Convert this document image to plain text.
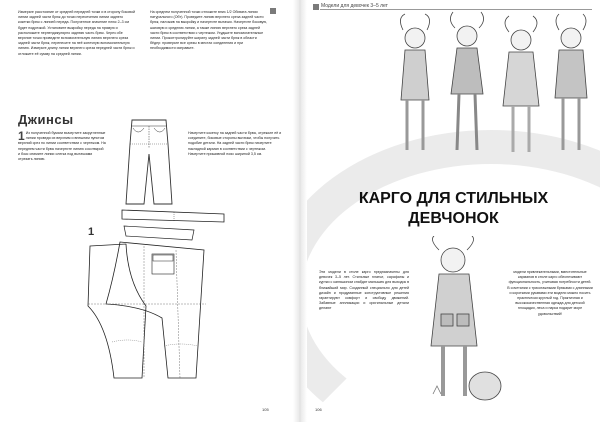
Измерьте расстояние от средней передней точки и в сторону боковой линии задней части брюк до точки пересечения линии заднего кокетки брюк с линией переда. Полученное значение плюс 2–3 см будет подрезкой. Установите выкройку переда на прямую и расположите перпендикулярно заднюю часть брюк. Через обе верхние точки проведите вспомогательную линию верхнего среза задней части брюк, перенесите на неё конечную вспомогательную линию. Измерьте длину линии верхнего среза передней части брюк и отложите её сумму на средней линии.

На среднем полученной точки отложите вниз 1/2 Обхвата линии натурального (Обт). Проведите линию верхнего среза задней части брюк, наложив на выкройку и начертите вытачки. Начертите боковую, шаговую и среднюю линии, а также линию верхнего среза задней части брюк в соответствии с чертежом. Ухудшите вспомогательные линии. Проконтролируйте ширину задней части брюк в области бёдер: проверьте все срезы в местах соединения и при необходимости исправьте.

Джинсы

1 Из полученной бумаги вычертите закругленные линии проведя их верхним и внешним пунктом верхний срез по линии соответствии с чертежом. На переднем части брюк начертите линию сосотвкрой и бокс снимите линии слегка под вытачками отрезать линию.

Начертите кокетку на задней части брюк, отрежьте её и соедините, боковые стороны вытачки, чтобы получить подобие детали. На задней части брюк начертите накладной карман в соответствии с чертежом. Начертите пришивной пояс шириной 3,5 см.

1
105
Модели для девочек 3–5 лет

КАРГО ДЛЯ СТИЛЬНЫХ

ДЕВЧОНОК

Эти модели в стиле карго предназначены для девочек 3–5 лет. Стильные платье, сарафаны и куртки с капюшоном снабдят малышек для выходок в ближайший мир. Созданный специально для детей дизайн и продуманные конструктивные решения гарантируют комфорт и свободу движений. Забавные аппликации и оригинальные детали делают

модели привлекательными, вместительные карманов в стиле карго обеспечивают функциональность, учитывая потребности детей. В сочетании с трикотажными брюками с длинными и короткими рукавами эти модели можно носить практически круглый год. Практичная и высококачественная одежда для детской площадки, леса и парка подарит море удовольствий!

106
